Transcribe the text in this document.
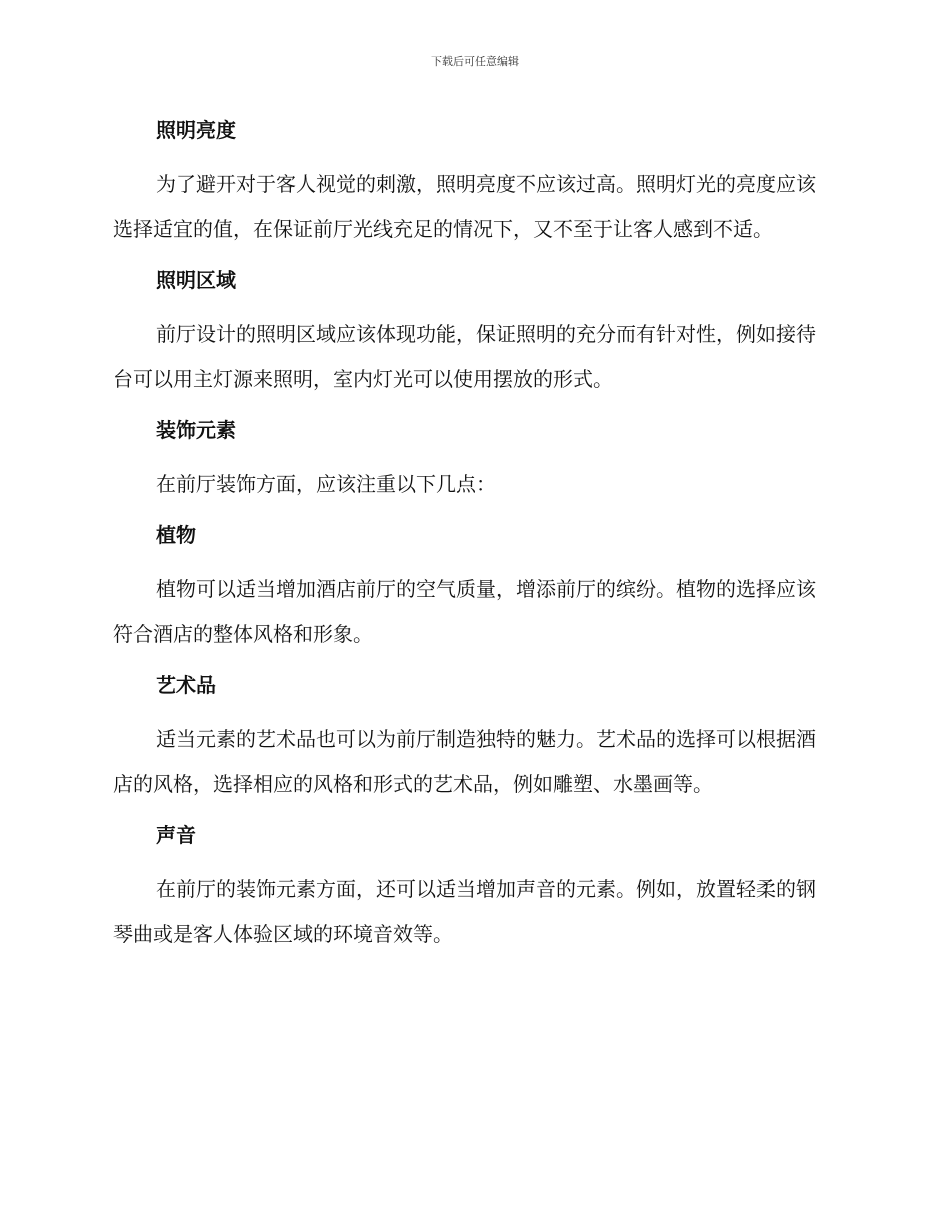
下载后可任意编辑
照明亮度

为了避开对于客人视觉的刺激，照明亮度不应该过高。照明灯光的亮度应该选择适宜的值，在保证前厅光线充足的情况下，又不至于让客人感到不适。

照明区域

前厅设计的照明区域应该体现功能，保证照明的充分而有针对性，例如接待台可以用主灯源来照明，室内灯光可以使用摆放的形式。

装饰元素

在前厅装饰方面，应该注重以下几点：

植物

植物可以适当增加酒店前厅的空气质量，增添前厅的缤纷。植物的选择应该符合酒店的整体风格和形象。

艺术品

适当元素的艺术品也可以为前厅制造独特的魅力。艺术品的选择可以根据酒店的风格，选择相应的风格和形式的艺术品，例如雕塑、水墨画等。

声音

在前厅的装饰元素方面，还可以适当增加声音的元素。例如，放置轻柔的钢琴曲或是客人体验区域的环境音效等。
